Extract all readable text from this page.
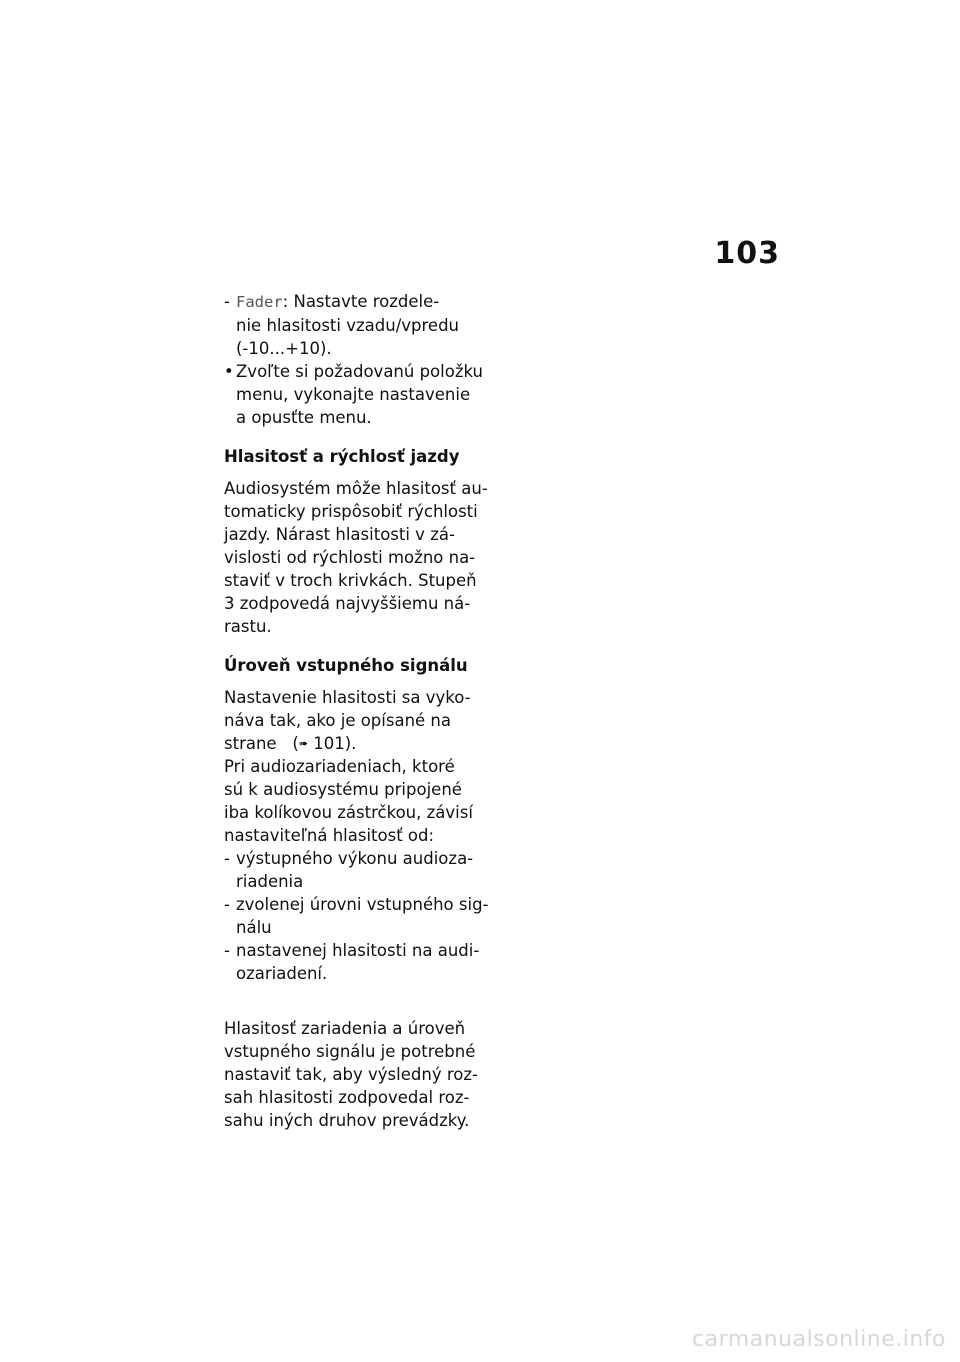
103
- Fader: Nastavte rozdele-
nie hlasitosti vzadu/vpredu
(-10...+10).
• Zvoľte si požadovanú položku
menu, vykonajte nastavenie
a opusťte menu.
Hlasitosť a rýchlosť jazdy
Audiosystém môže hlasitosť au-
tomaticky prispôsobiť rýchlosti
jazdy. Nárast hlasitosti v zá-
vislosti od rýchlosti možno na-
staviť v troch krivkách. Stupeň
3 zodpovedá najvyššiemu ná-
rastu.
Úroveň vstupného signálu
Nastavenie hlasitosti sa vyko-
náva tak, ako je opísané na
strane   (➠ 101).
Pri audiozariadeniach, ktoré
sú k audiosystému pripojené
iba kolíkovou zástrčkou, závisí
nastaviteľná hlasitosť od:
- výstupného výkonu audioza-
riadenia
- zvolenej úrovni vstupného sig-
nálu
- nastavenej hlasitosti na audi-
ozariadení.
Hlasitosť zariadenia a úroveň
vstupného signálu je potrebné
nastaviť tak, aby výsledný roz-
sah hlasitosti zodpovedal roz-
sahu iných druhov prevádzky.
carmanualsonline.info
